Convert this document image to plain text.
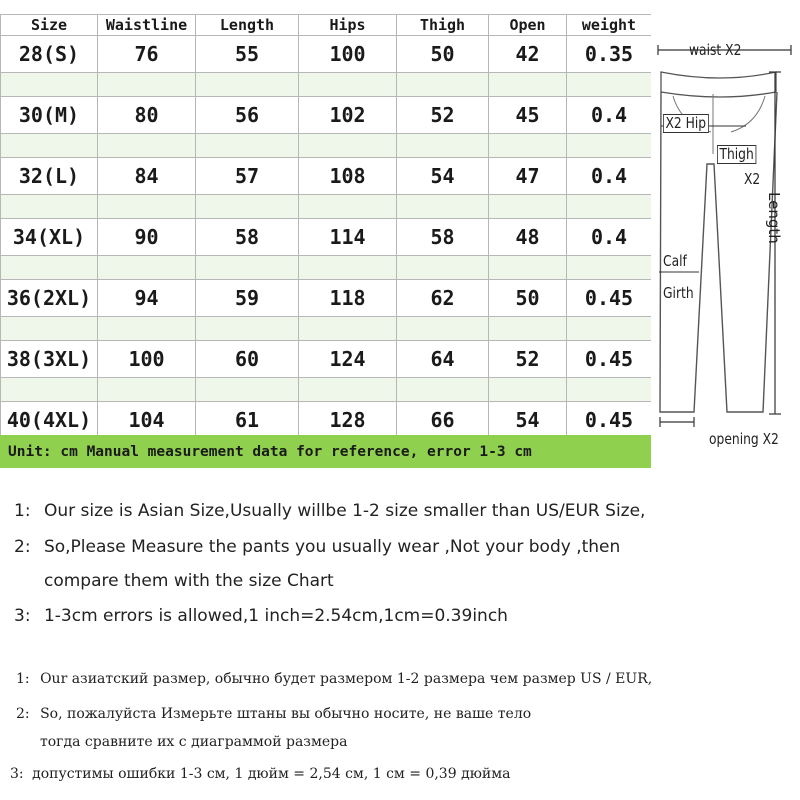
Size	Waistline	Length	Hips	Thigh	Open	weight
28(S)	76	55	100	50	42	0.35

30(M)	80	56	102	52	45	0.4

32(L)	84	57	108	54	47	0.4

34(XL)	90	58	114	58	48	0.4

36(2XL)	94	59	118	62	50	0.45

38(3XL)	100	60	124	64	52	0.45

40(4XL)	104	61	128	66	54	0.45
Unit: cm Manual measurement data for reference, error 1-3 cm
waist X2
X2 Hip
Thigh
X2
Length
Calf
Girth
opening X2
1: Our size is Asian Size,Usually willbe 1-2 size smaller than US/EUR Size,
2: So,Please Measure the pants you usually wear ,Not your body ,then
compare them with the size Chart
3: 1-3cm errors is allowed,1 inch=2.54cm,1cm=0.39inch
1: Our азиатский размер, обычно будет размером 1-2 размера чем размер US / EUR,
2: So, пожалуйста Измерьте штаны вы обычно носите, не ваше тело
тогда сравните их с диаграммой размера
3: допустимы ошибки 1-3 см, 1 дюйм = 2,54 см, 1 см = 0,39 дюйма
